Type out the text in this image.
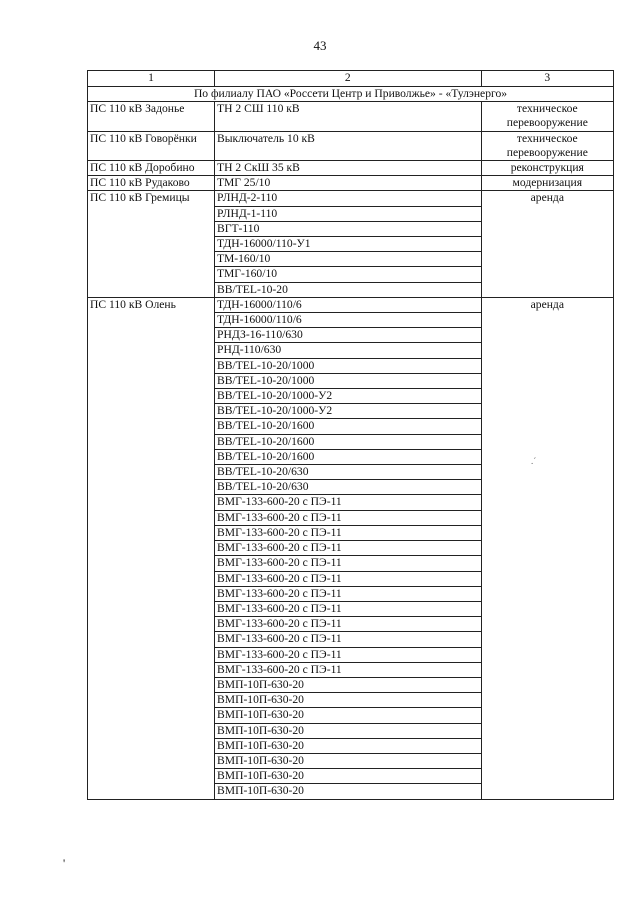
43
1	2	3
По филиалу ПАО «Россети Центр и Приволжье» - «Тулэнерго»		
ПС 110 кВ Задонье	ТН 2 СШ 110 кВ	техническое перевооружение
ПС 110 кВ Говорёнки	Выключатель 10 кВ	техническое перевооружение
ПС 110 кВ Доробино	ТН 2 СкШ 35 кВ	реконструкция
ПС 110 кВ Рудаково	ТМГ 25/10	модернизация
ПС 110 кВ Гремицы	РЛНД-2-110	аренда
	РЛНД-1-110	
	ВГТ-110	
	ТДН-16000/110-У1	
	ТМ-160/10	
	ТМГ-160/10	
	ВВ/TEL-10-20	
ПС 110 кВ Олень	ТДН-16000/110/6	аренда
	ТДН-16000/110/6	
	РНДЗ-16-110/630	
	РНД-110/630	
	ВВ/TEL-10-20/1000	
	ВВ/TEL-10-20/1000	
	ВВ/TEL-10-20/1000-У2	
	ВВ/TEL-10-20/1000-У2	
	ВВ/TEL-10-20/1600	
	ВВ/TEL-10-20/1600	
	ВВ/TEL-10-20/1600	
	ВВ/TEL-10-20/630	
	ВВ/TEL-10-20/630	
	ВМГ-133-600-20 с ПЭ-11	
	ВМГ-133-600-20 с ПЭ-11	
	ВМГ-133-600-20 с ПЭ-11	
	ВМГ-133-600-20 с ПЭ-11	
	ВМГ-133-600-20 с ПЭ-11	
	ВМГ-133-600-20 с ПЭ-11	
	ВМГ-133-600-20 с ПЭ-11	
	ВМГ-133-600-20 с ПЭ-11	
	ВМГ-133-600-20 с ПЭ-11	
	ВМГ-133-600-20 с ПЭ-11	
	ВМГ-133-600-20 с ПЭ-11	
	ВМГ-133-600-20 с ПЭ-11	
	ВМП-10П-630-20	
	ВМП-10П-630-20	
	ВМП-10П-630-20	
	ВМП-10П-630-20	
	ВМП-10П-630-20	
	ВМП-10П-630-20	
	ВМП-10П-630-20	
	ВМП-10П-630-20	
'
.´
